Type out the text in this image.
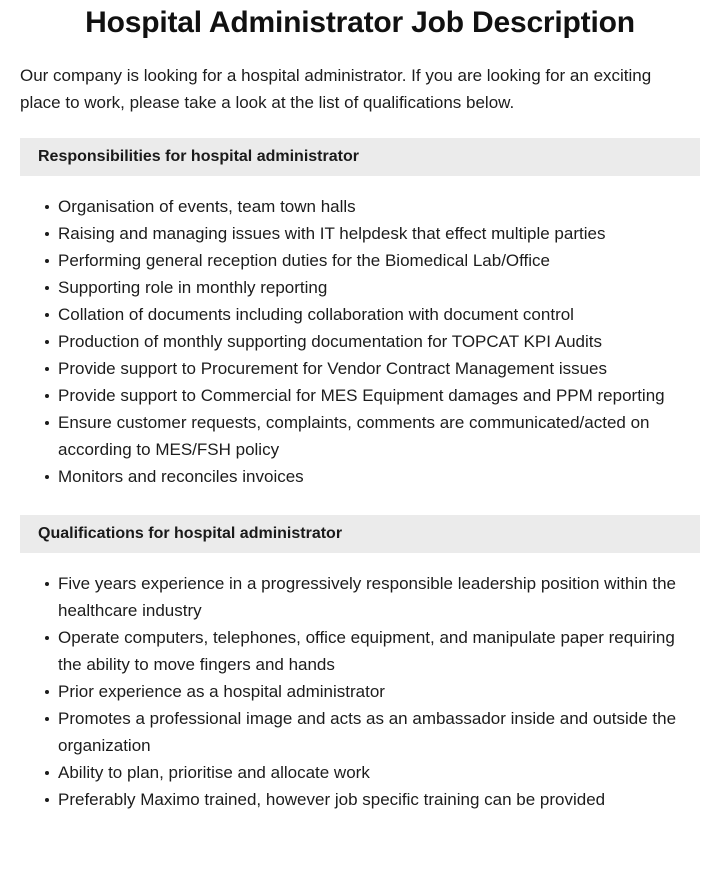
Hospital Administrator Job Description

Our company is looking for a hospital administrator. If you are looking for an exciting place to work, please take a look at the list of qualifications below.

Responsibilities for hospital administrator
Organisation of events, team town halls
Raising and managing issues with IT helpdesk that effect multiple parties
Performing general reception duties for the Biomedical Lab/Office
Supporting role in monthly reporting
Collation of documents including collaboration with document control
Production of monthly supporting documentation for TOPCAT KPI Audits
Provide support to Procurement for Vendor Contract Management issues
Provide support to Commercial for MES Equipment damages and PPM reporting
Ensure customer requests, complaints, comments are communicated/acted on according to MES/FSH policy
Monitors and reconciles invoices
Qualifications for hospital administrator
Five years experience in a progressively responsible leadership position within the healthcare industry
Operate computers, telephones, office equipment, and manipulate paper requiring the ability to move fingers and hands
Prior experience as a hospital administrator
Promotes a professional image and acts as an ambassador inside and outside the organization
Ability to plan, prioritise and allocate work
Preferably Maximo trained, however job specific training can be provided
